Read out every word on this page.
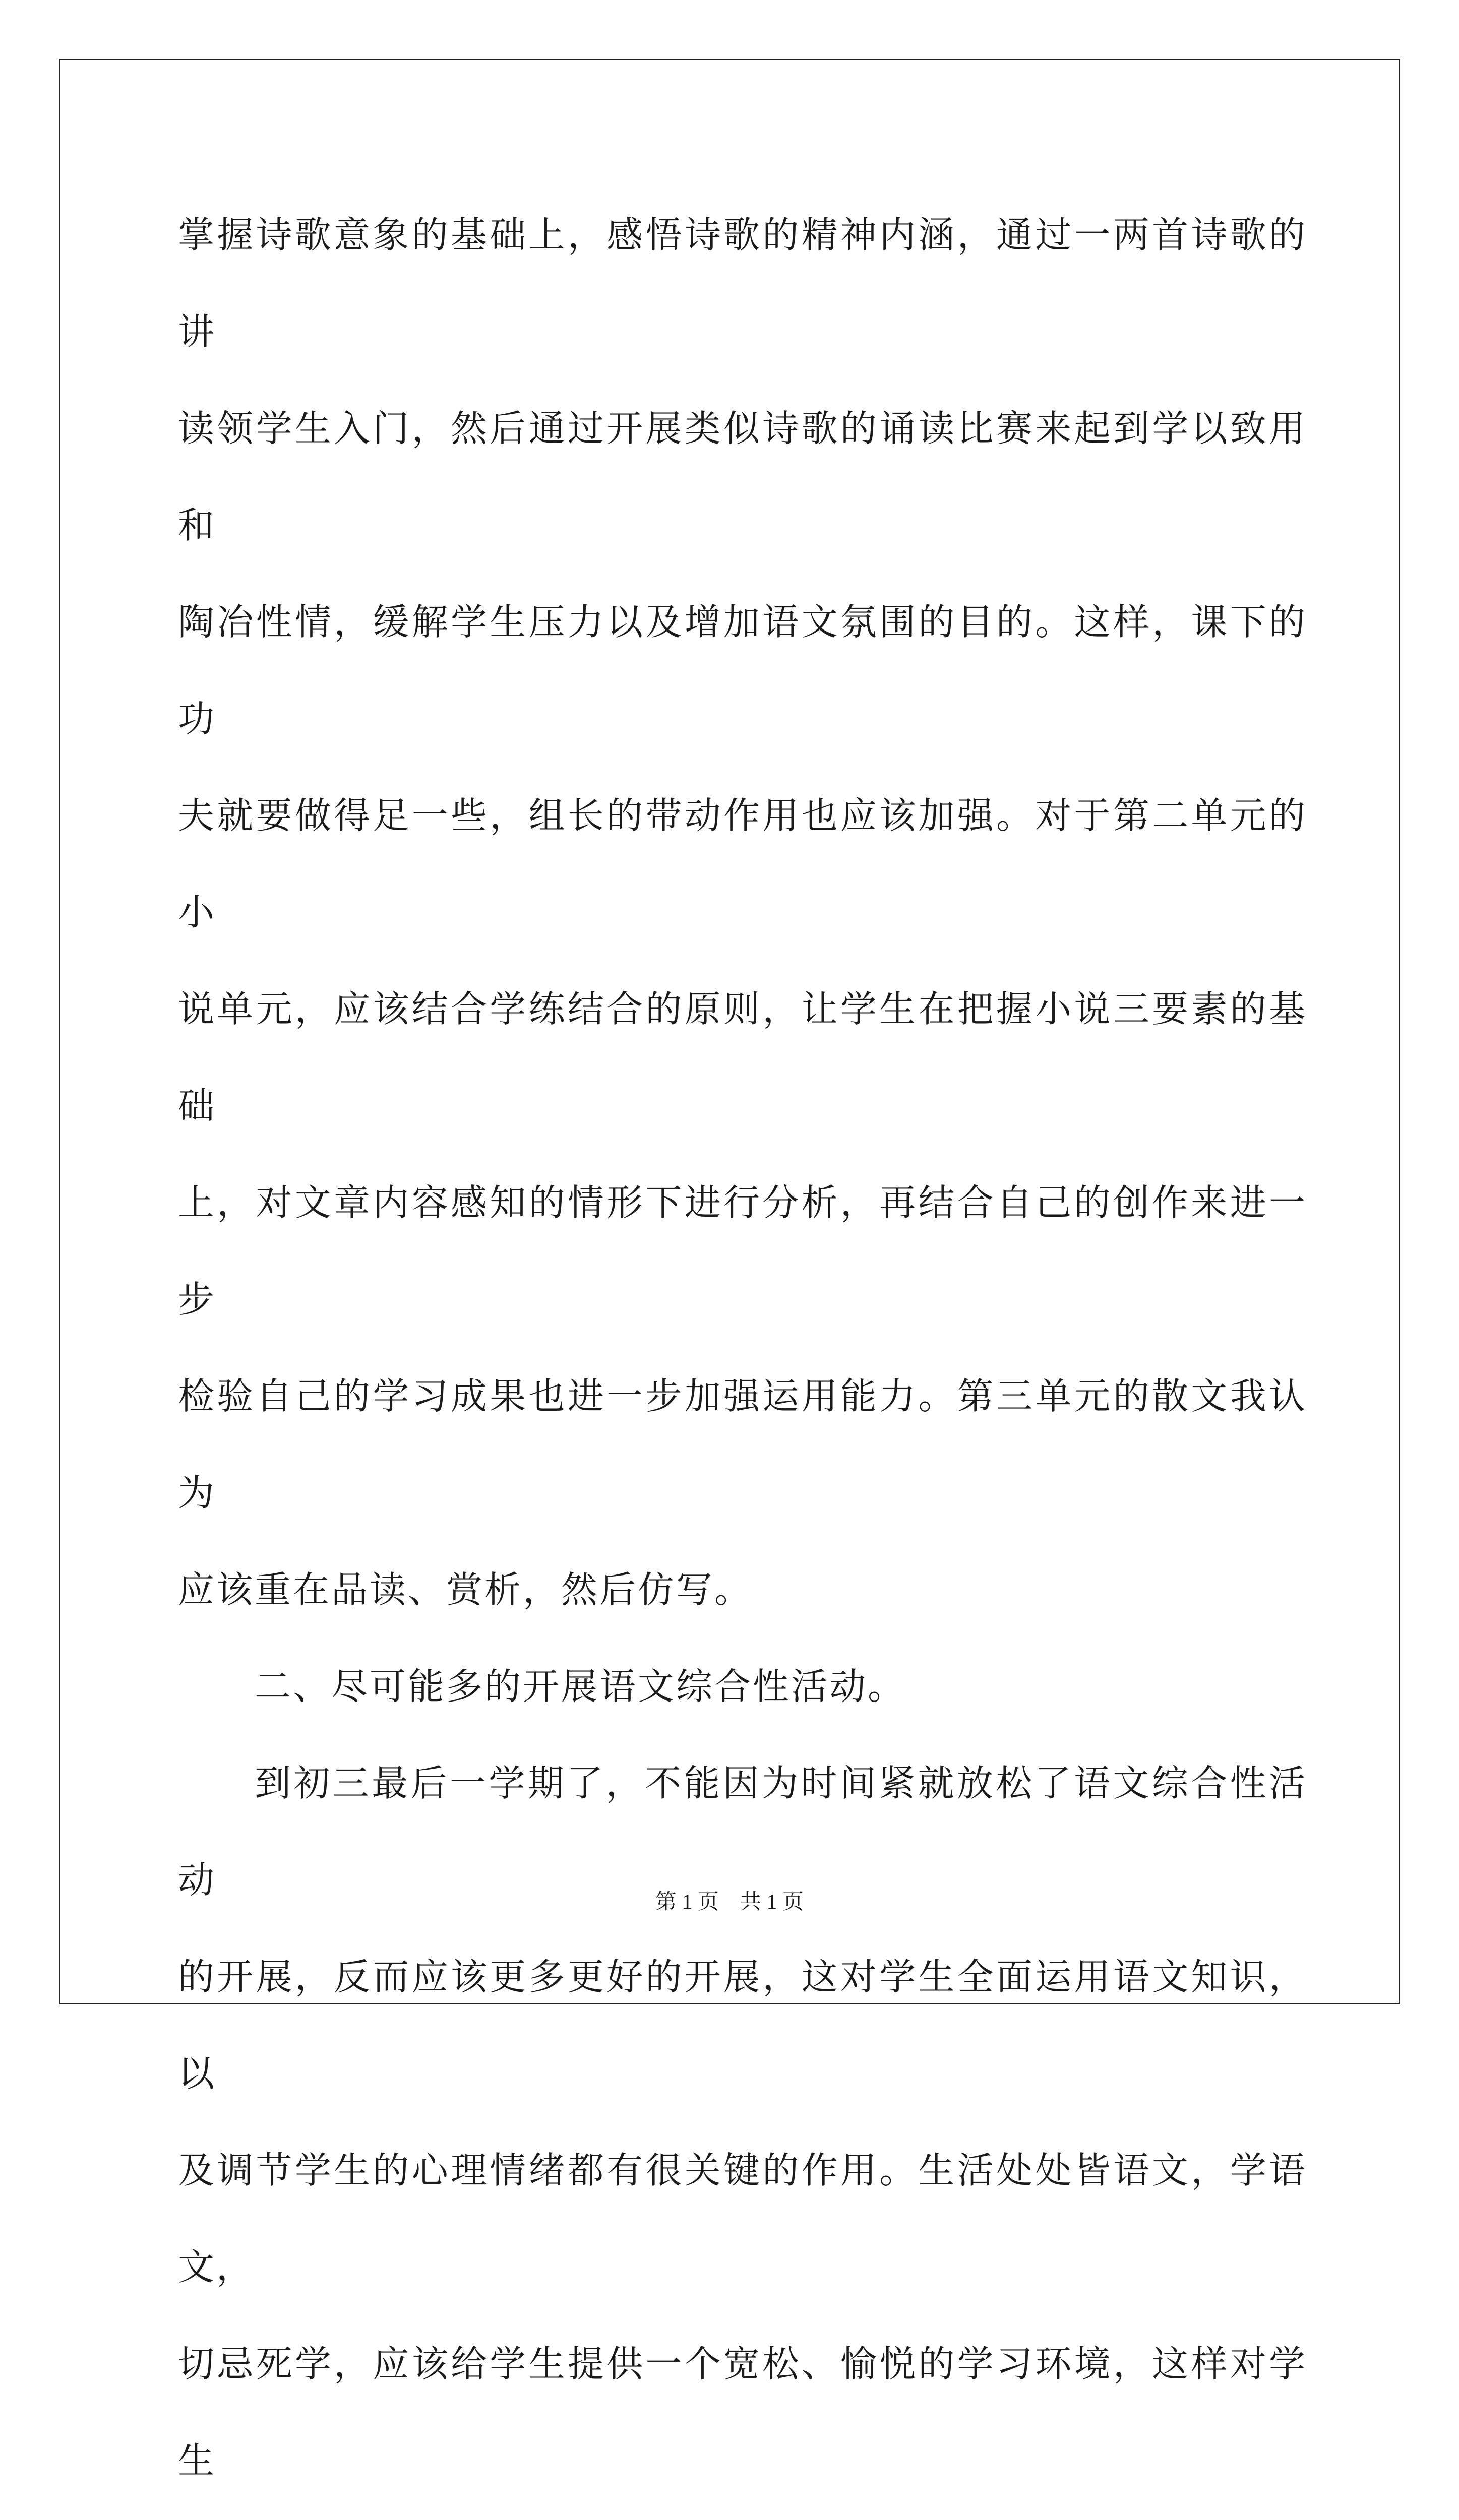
掌握诗歌意象的基础上，感悟诗歌的精神内涵，通过一两首诗歌的讲
读领学生入门，然后通过开展类似诗歌的诵读比赛来起到学以致用和
陶冶性情，缓解学生压力以及增加语文氛围的目的。这样，课下的功
夫就要做得足一些，组长的带动作用也应该加强。对于第二单元的小
说单元，应该结合学练结合的原则，让学生在把握小说三要素的基础
上，对文章内容感知的情形下进行分析，再结合自己的创作来进一步
检验自己的学习成果也进一步加强运用能力。第三单元的散文我认为
应该重在品读、赏析，然后仿写。
二、尽可能多的开展语文综合性活动。
到初三最后一学期了，不能因为时间紧就放松了语文综合性活动
的开展，反而应该更多更好的开展，这对学生全面运用语文知识，以
及调节学生的心理情绪都有很关键的作用。生活处处皆语文，学语文，
切忌死学，应该给学生提供一个宽松、愉悦的学习环境，这样对学生
第 1 页　共 1 页
